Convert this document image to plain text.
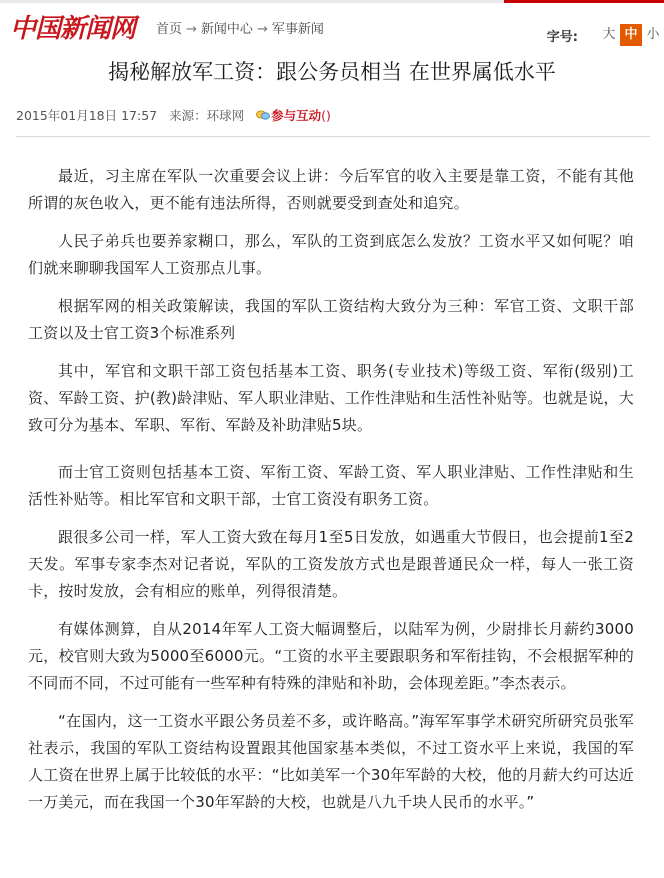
中国新闻网 首页 → 新闻中心 → 军事新闻	字号:	大 中 小
揭秘解放军工资：跟公务员相当 在世界属低水平
2015年01月18日 17:57 来源：环球网 参与互动()

最近，习主席在军队一次重要会议上讲：今后军官的收入主要是靠工资，不能有其他所谓的灰色收入，更不能有违法所得，否则就要受到查处和追究。

人民子弟兵也要养家糊口，那么，军队的工资到底怎么发放？工资水平又如何呢？咱们就来聊聊我国军人工资那点儿事。

根据军网的相关政策解读，我国的军队工资结构大致分为三种：军官工资、文职干部工资以及士官工资3个标准系列

其中，军官和文职干部工资包括基本工资、职务(专业技术)等级工资、军衔(级别)工资、军龄工资、护(教)龄津贴、军人职业津贴、工作性津贴和生活性补贴等。也就是说，大致可分为基本、军职、军衔、军龄及补助津贴5块。

而士官工资则包括基本工资、军衔工资、军龄工资、军人职业津贴、工作性津贴和生活性补贴等。相比军官和文职干部，士官工资没有职务工资。

跟很多公司一样，军人工资大致在每月1至5日发放，如遇重大节假日，也会提前1至2天发。军事专家李杰对记者说，军队的工资发放方式也是跟普通民众一样，每人一张工资卡，按时发放，会有相应的账单，列得很清楚。

有媒体测算，自从2014年军人工资大幅调整后，以陆军为例，少尉排长月薪约3000元，校官则大致为5000至6000元。“工资的水平主要跟职务和军衔挂钩，不会根据军种的不同而不同，不过可能有一些军种有特殊的津贴和补助，会体现差距。”李杰表示。

“在国内，这一工资水平跟公务员差不多，或许略高。”海军军事学术研究所研究员张军社表示，我国的军队工资结构设置跟其他国家基本类似，不过工资水平上来说，我国的军人工资在世界上属于比较低的水平：“比如美军一个30年军龄的大校，他的月薪大约可达近一万美元，而在我国一个30年军龄的大校，也就是八九千块人民币的水平。”
